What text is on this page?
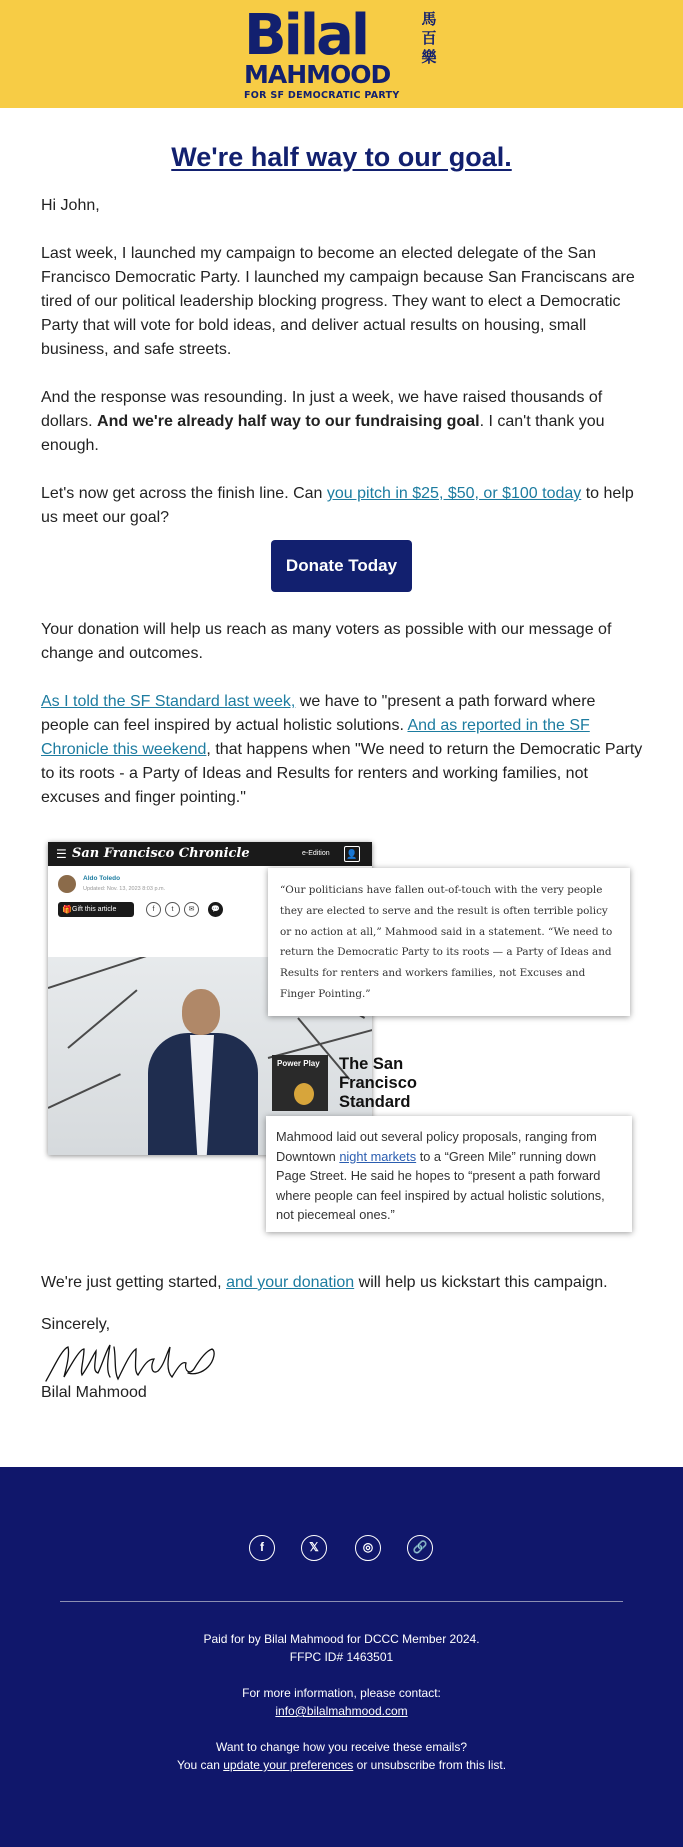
Bilal	馬
百
樂
MAHMOOD
FOR SF DEMOCRATIC PARTY
We're half way to our goal.
Hi John,
Last week, I launched my campaign to become an elected delegate of the San Francisco Democratic Party. I launched my campaign because San Franciscans are tired of our political leadership blocking progress. They want to elect a Democratic Party that will vote for bold ideas, and deliver actual results on housing, small business, and safe streets.
And the response was resounding. In just a week, we have raised thousands of dollars. And we're already half way to our fundraising goal. I can't thank you enough.
Let's now get across the finish line. Can you pitch in $25, $50, or $100 today to help us meet our goal?
Donate Today
Your donation will help us reach as many voters as possible with our message of change and outcomes.
As I told the SF Standard last week, we have to "present a path forward where people can feel inspired by actual holistic solutions. And as reported in the SF Chronicle this weekend, that happens when "We need to return the Democratic Party to its roots - a Party of Ideas and Results for renters and working families, not excuses and finger pointing."
☰ San Francisco Chronicle	e-Edition 👤
Aldo Toledo
Updated: Nov. 13, 2023 8:03 p.m.
🎁 Gift this article	f	t	✉	💬
“Our politicians have fallen out-of-touch with the very people they are elected to serve and the result is often terrible policy or no action at all,” Mahmood said in a statement. “We need to return the Democratic Party to its roots — a Party of Ideas and Results for renters and workers families, not Excuses and Finger Pointing.”
Power Play The San Francisco Standard
Mahmood laid out several policy proposals, ranging from Downtown night markets to a “Green Mile” running down Page Street. He said he hopes to “present a path forward where people can feel inspired by actual holistic solutions, not piecemeal ones.”
We're just getting started, and your donation will help us kickstart this campaign.
Sincerely,
Bilal Mahmood
f	𝕏	◎	🔗
Paid for by Bilal Mahmood for DCCC Member 2024.
FFPC ID# 1463501
For more information, please contact:
info@bilalmahmood.com
Want to change how you receive these emails?
You can update your preferences or unsubscribe from this list.
